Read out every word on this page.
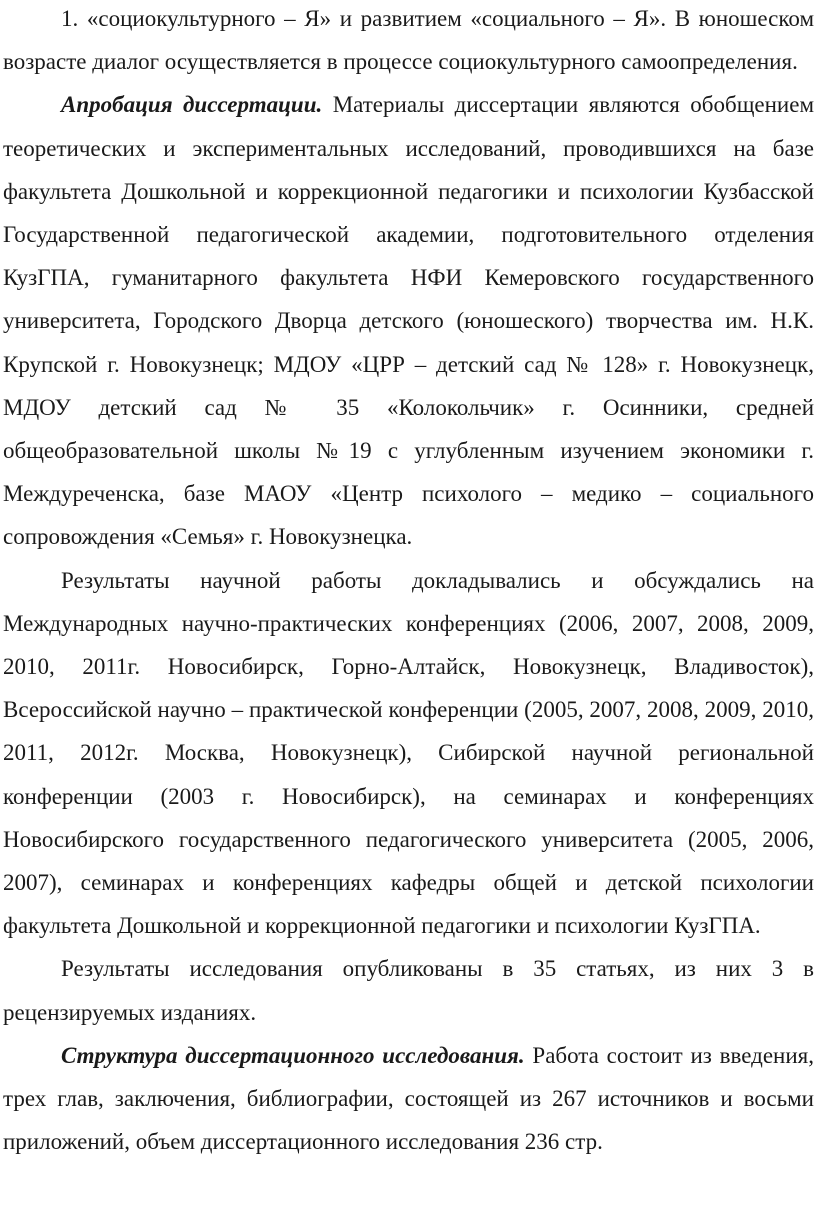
1. «социокультурного – Я» и развитием «социального – Я». В юношеском возрасте диалог осуществляется в процессе социокультурного самоопределения.

Апробация диссертации. Материалы диссертации являются обобщением теоретических и экспериментальных исследований, проводившихся на базе факультета Дошкольной и коррекционной педагогики и психологии Кузбасской Государственной педагогической академии, подготовительного отделения КузГПА, гуманитарного факультета НФИ Кемеровского государственного университета, Городского Дворца детского (юношеского) творчества им. Н.К. Крупской г. Новокузнецк; МДОУ «ЦРР – детский сад № 128» г. Новокузнецк, МДОУ детский сад № 35 «Колокольчик» г. Осинники, средней общеобразовательной школы №19 с углубленным изучением экономики г. Междуреченска, базе МАОУ «Центр психолого – медико – социального сопровождения «Семья» г. Новокузнецка.

Результаты научной работы докладывались и обсуждались на Международных научно-практических конференциях (2006, 2007, 2008, 2009, 2010, 2011г. Новосибирск, Горно-Алтайск, Новокузнецк, Владивосток), Всероссийской научно – практической конференции (2005, 2007, 2008, 2009, 2010, 2011, 2012г. Москва, Новокузнецк), Сибирской научной региональной конференции (2003 г. Новосибирск), на семинарах и конференциях Новосибирского государственного педагогического университета (2005, 2006, 2007), семинарах и конференциях кафедры общей и детской психологии факультета Дошкольной и коррекционной педагогики и психологии КузГПА.

Результаты исследования опубликованы в 35 статьях, из них 3 в рецензируемых изданиях.

Структура диссертационного исследования. Работа состоит из введения, трех глав, заключения, библиографии, состоящей из 267 источников и восьми приложений, объем диссертационного исследования 236 стр.
